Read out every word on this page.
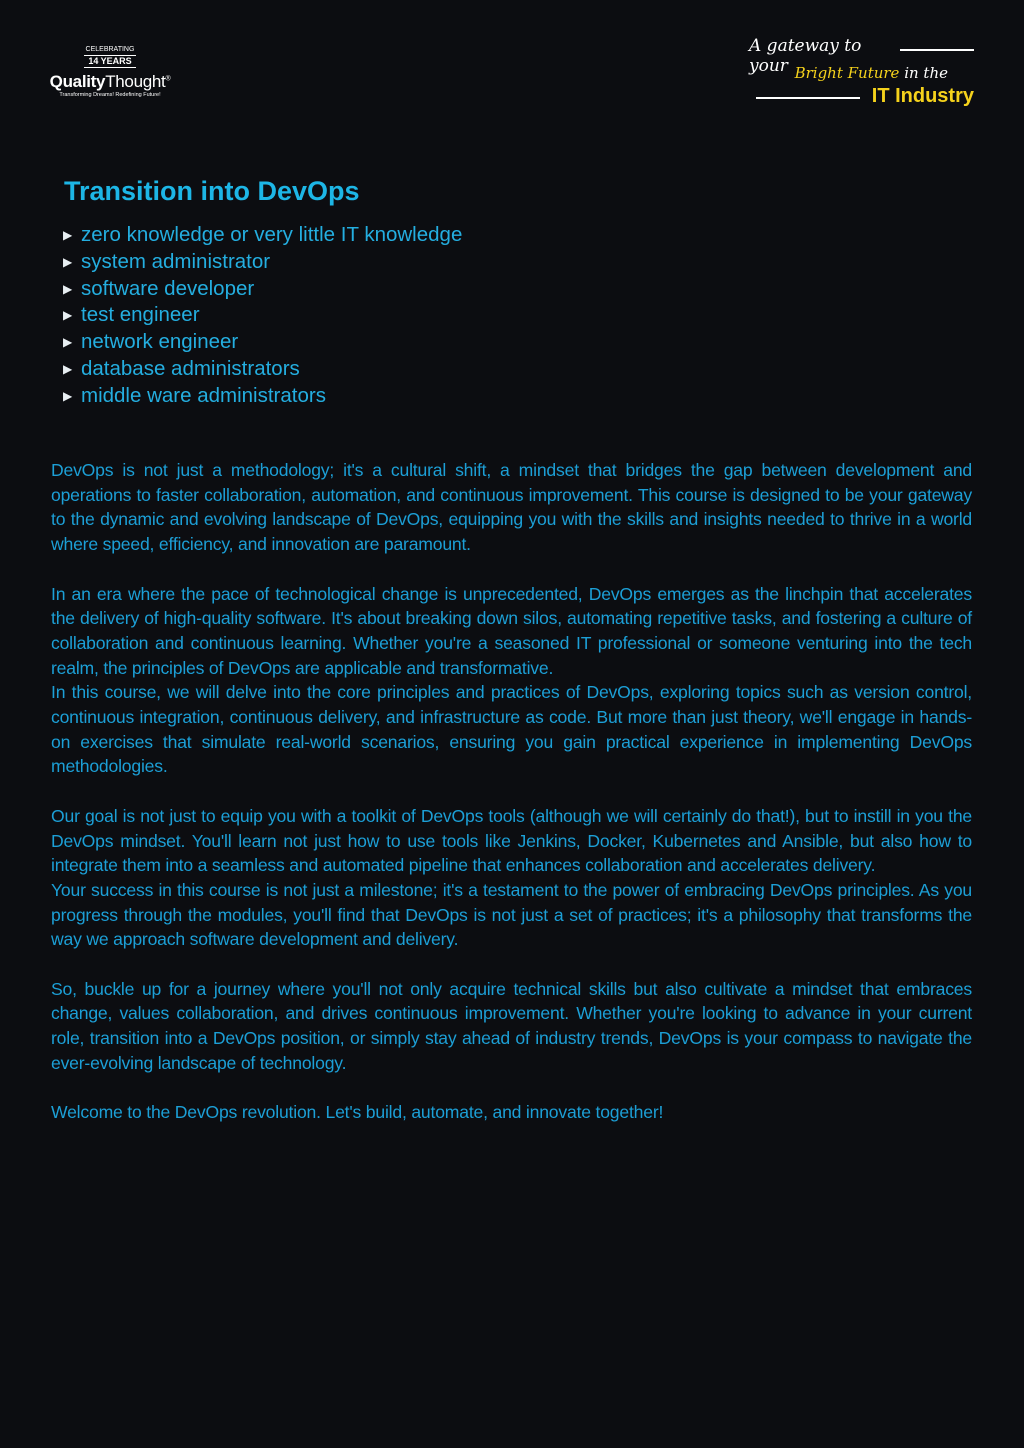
CELEBRATING
14 YEARS
QualityThought®
Transforming Dreams! Redefining Future!
A gateway to your Bright Future in the
IT Industry
Transition into DevOps
▶ zero knowledge or very little IT knowledge
▶ system administrator
▶ software developer
▶ test engineer
▶ network engineer
▶ database administrators
▶ middle ware administrators

DevOps is not just a methodology; it's a cultural shift, a mindset that bridges the gap between development and operations to faster collaboration, automation, and continuous improvement. This course is designed to be your gateway to the dynamic and evolving landscape of DevOps, equipping you with the skills and insights needed to thrive in a world where speed, efficiency, and innovation are paramount.

In an era where the pace of technological change is unprecedented, DevOps emerges as the linchpin that accelerates the delivery of high-quality software. It's about breaking down silos, automating repetitive tasks, and fostering a culture of collaboration and continuous learning. Whether you're a seasoned IT professional or someone venturing into the tech realm, the principles of DevOps are applicable and transformative.

In this course, we will delve into the core principles and practices of DevOps, exploring topics such as version control, continuous integration, continuous delivery, and infrastructure as code. But more than just theory, we'll engage in hands-on exercises that simulate real-world scenarios, ensuring you gain practical experience in implementing DevOps methodologies.

Our goal is not just to equip you with a toolkit of DevOps tools (although we will certainly do that!), but to instill in you the DevOps mindset. You'll learn not just how to use tools like Jenkins, Docker, Kubernetes and Ansible, but also how to integrate them into a seamless and automated pipeline that enhances collaboration and accelerates delivery.

Your success in this course is not just a milestone; it's a testament to the power of embracing DevOps principles. As you progress through the modules, you'll find that DevOps is not just a set of practices; it's a philosophy that transforms the way we approach software development and delivery.

So, buckle up for a journey where you'll not only acquire technical skills but also cultivate a mindset that embraces change, values collaboration, and drives continuous improvement. Whether you're looking to advance in your current role, transition into a DevOps position, or simply stay ahead of industry trends, DevOps is your compass to navigate the ever-evolving landscape of technology.

Welcome to the DevOps revolution. Let's build, automate, and innovate together!
